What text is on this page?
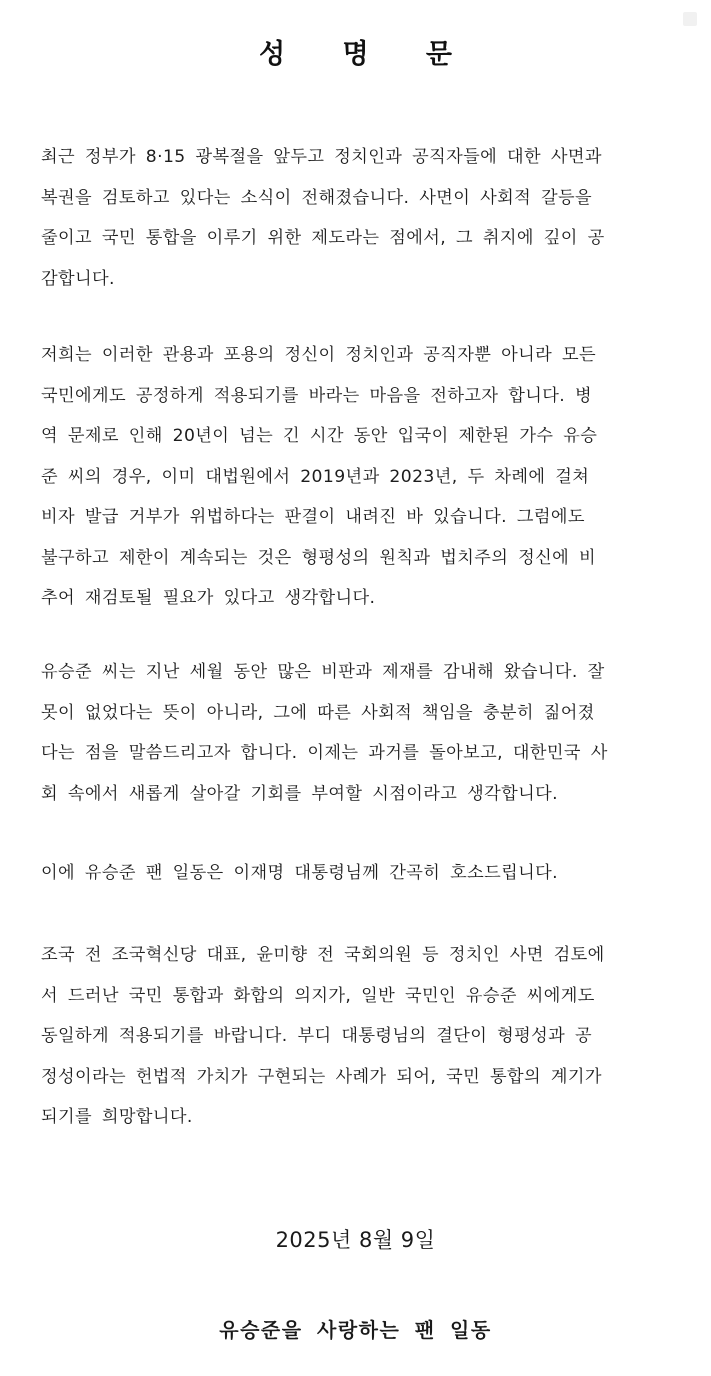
성 명 문

최근 정부가 8·15 광복절을 앞두고 정치인과 공직자들에 대한 사면과
복권을 검토하고 있다는 소식이 전해졌습니다. 사면이 사회적 갈등을
줄이고 국민 통합을 이루기 위한 제도라는 점에서, 그 취지에 깊이 공
감합니다.

저희는 이러한 관용과 포용의 정신이 정치인과 공직자뿐 아니라 모든
국민에게도 공정하게 적용되기를 바라는 마음을 전하고자 합니다. 병
역 문제로 인해 20년이 넘는 긴 시간 동안 입국이 제한된 가수 유승
준 씨의 경우, 이미 대법원에서 2019년과 2023년, 두 차례에 걸쳐
비자 발급 거부가 위법하다는 판결이 내려진 바 있습니다. 그럼에도
불구하고 제한이 계속되는 것은 형평성의 원칙과 법치주의 정신에 비
추어 재검토될 필요가 있다고 생각합니다.

유승준 씨는 지난 세월 동안 많은 비판과 제재를 감내해 왔습니다. 잘
못이 없었다는 뜻이 아니라, 그에 따른 사회적 책임을 충분히 짊어졌
다는 점을 말씀드리고자 합니다. 이제는 과거를 돌아보고, 대한민국 사
회 속에서 새롭게 살아갈 기회를 부여할 시점이라고 생각합니다.

이에 유승준 팬 일동은 이재명 대통령님께 간곡히 호소드립니다.

조국 전 조국혁신당 대표, 윤미향 전 국회의원 등 정치인 사면 검토에
서 드러난 국민 통합과 화합의 의지가, 일반 국민인 유승준 씨에게도
동일하게 적용되기를 바랍니다. 부디 대통령님의 결단이 형평성과 공
정성이라는 헌법적 가치가 구현되는 사례가 되어, 국민 통합의 계기가
되기를 희망합니다.

2025년 8월 9일
유승준을 사랑하는 팬 일동
